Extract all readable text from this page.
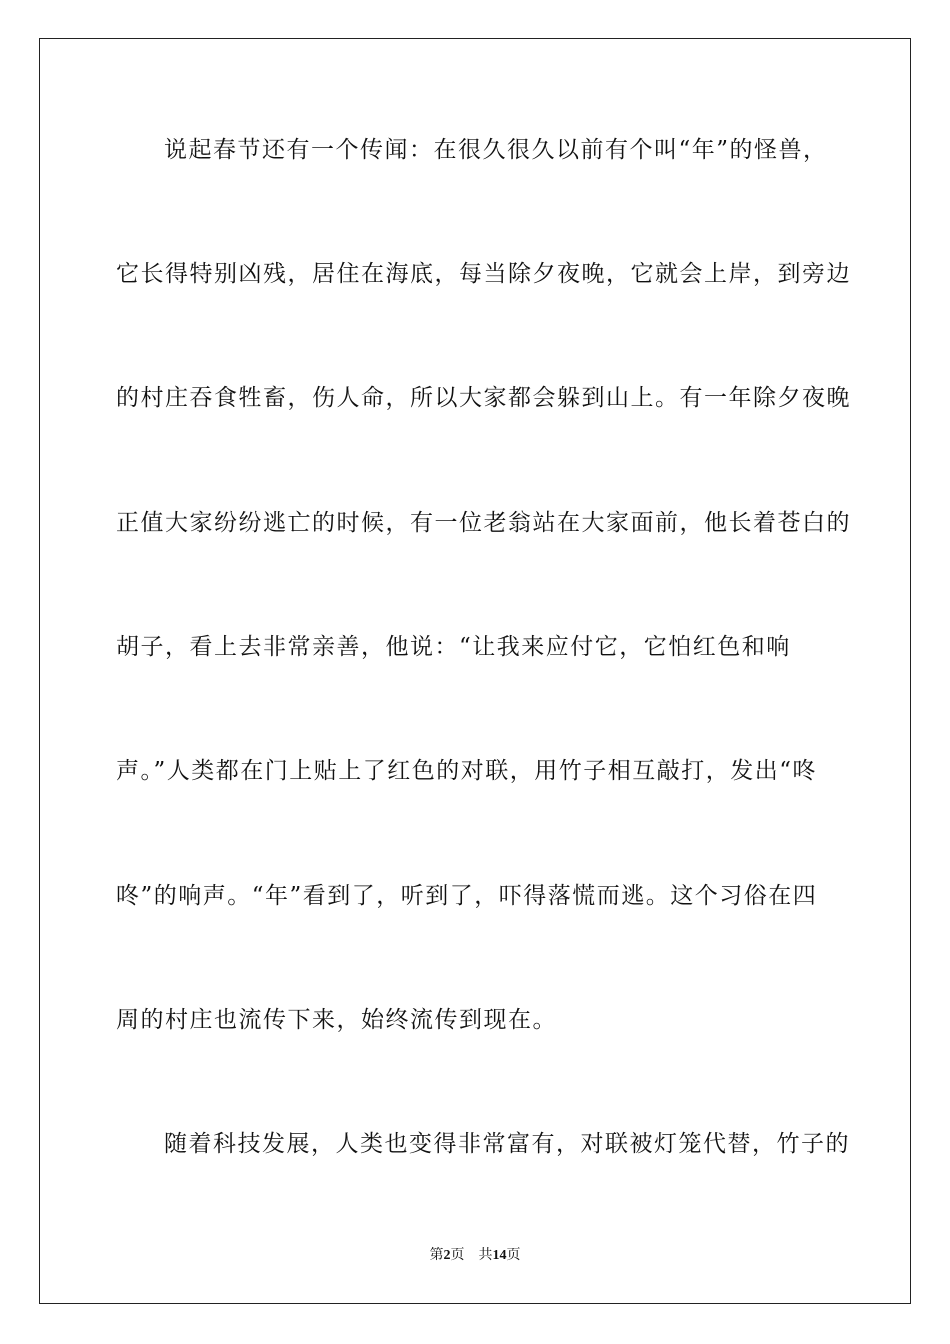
说起春节还有一个传闻：在很久很久以前有个叫“年”的怪兽，
它长得特别凶残，居住在海底，每当除夕夜晚，它就会上岸，到旁边
的村庄吞食牲畜，伤人命，所以大家都会躲到山上。有一年除夕夜晚
正值大家纷纷逃亡的时候，有一位老翁站在大家面前，他长着苍白的
胡子，看上去非常亲善，他说：“让我来应付它，它怕红色和响
声。”人类都在门上贴上了红色的对联，用竹子相互敲打，发出“咚
咚”的响声。“年”看到了，听到了，吓得落慌而逃。这个习俗在四
周的村庄也流传下来，始终流传到现在。
随着科技发展，人类也变得非常富有，对联被灯笼代替，竹子的
第2页 共14页
